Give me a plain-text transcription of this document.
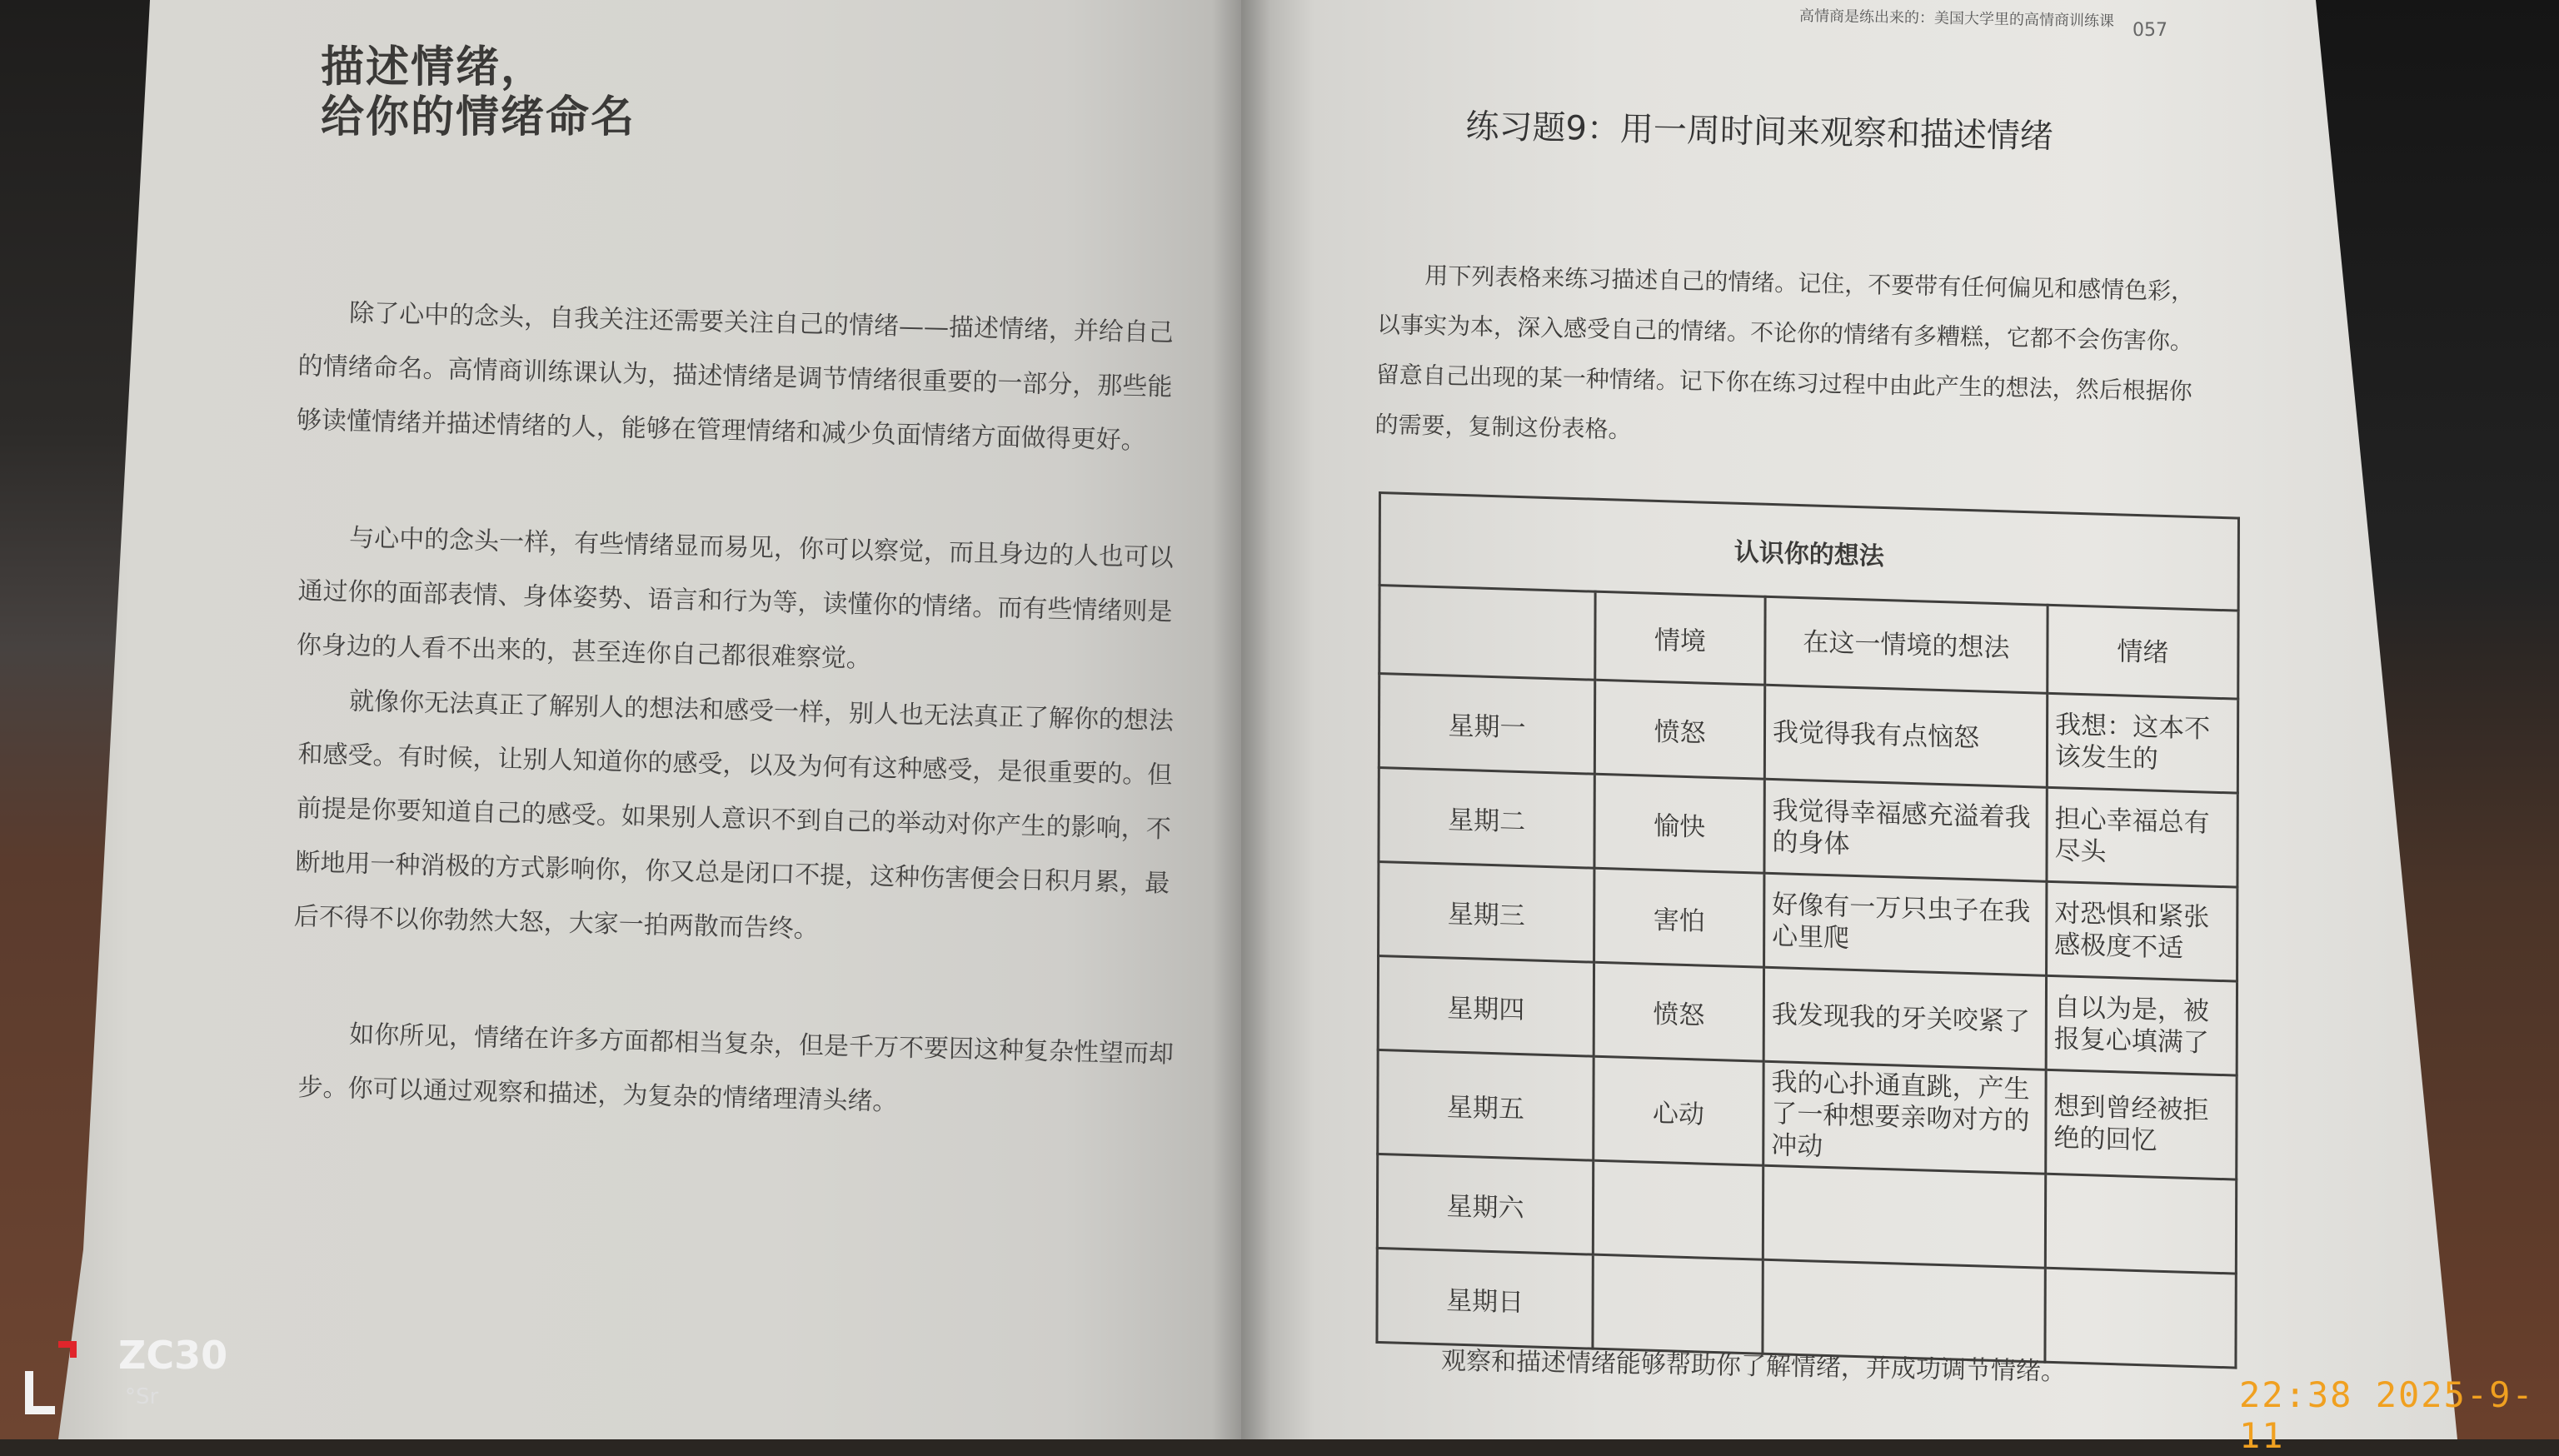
描述情绪，
给你的情绪命名
除了心中的念头，自我关注还需要关注自己的情绪——描述情绪，并给自己的情绪命名。高情商训练课认为，描述情绪是调节情绪很重要的一部分，那些能够读懂情绪并描述情绪的人，能够在管理情绪和减少负面情绪方面做得更好。
与心中的念头一样，有些情绪显而易见，你可以察觉，而且身边的人也可以通过你的面部表情、身体姿势、语言和行为等，读懂你的情绪。而有些情绪则是你身边的人看不出来的，甚至连你自己都很难察觉。
就像你无法真正了解别人的想法和感受一样，别人也无法真正了解你的想法和感受。有时候，让别人知道你的感受，以及为何有这种感受，是很重要的。但前提是你要知道自己的感受。如果别人意识不到自己的举动对你产生的影响，不断地用一种消极的方式影响你，你又总是闭口不提，这种伤害便会日积月累，最后不得不以你勃然大怒，大家一拍两散而告终。
如你所见，情绪在许多方面都相当复杂，但是千万不要因这种复杂性望而却步。你可以通过观察和描述，为复杂的情绪理清头绪。
高情商是练出来的：美国大学里的高情商训练课
057
练习题9：用一周时间来观察和描述情绪
用下列表格来练习描述自己的情绪。记住，不要带有任何偏见和感情色彩，以事实为本，深入感受自己的情绪。不论你的情绪有多糟糕，它都不会伤害你。留意自己出现的某一种情绪。记下你在练习过程中由此产生的想法，然后根据你的需要，复制这份表格。
认识你的想法			
	情境	在这一情境的想法	情绪
星期一	愤怒	我觉得我有点恼怒	我想：这本不该发生的
星期二	愉快	我觉得幸福感充溢着我的身体	担心幸福总有尽头
星期三	害怕	好像有一万只虫子在我心里爬	对恐惧和紧张感极度不适
星期四	愤怒	我发现我的牙关咬紧了	自以为是，被报复心填满了
星期五	心动	我的心扑通直跳，产生了一种想要亲吻对方的冲动	想到曾经被拒绝的回忆
星期六			
星期日			
观察和描述情绪能够帮助你了解情绪，并成功调节情绪。
ZC30
°Sr	22:38 2025-9-11
